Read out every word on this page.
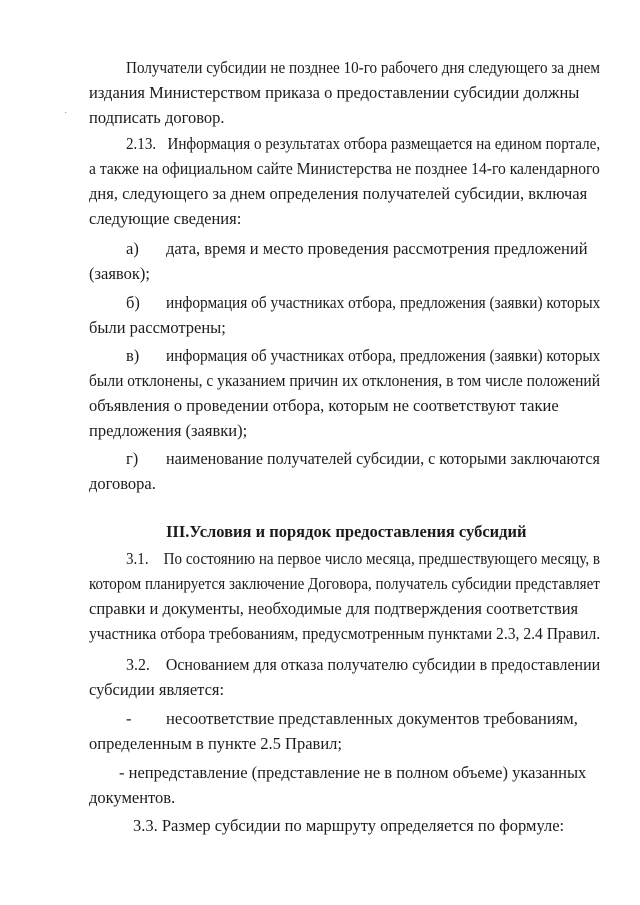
·
Получатели субсидии не позднее 10-го рабочего дня следующего за днем
издания Министерством приказа о предоставлении субсидии должны
подписать договор.
2.13.   Информация о результатах отбора размещается на едином портале,
а также на официальном сайте Министерства не позднее 14-го календарного
дня, следующего за днем определения получателей субсидии, включая
следующие сведения:
а) дата, время и место проведения рассмотрения предложений
(заявок);
б) информация об участниках отбора, предложения (заявки) которых
были рассмотрены;
в) информация об участниках отбора, предложения (заявки) которых
были отклонены, с указанием причин их отклонения, в том числе положений
объявления о проведении отбора, которым не соответствуют такие
предложения (заявки);
г) наименование получателей субсидии, с которыми заключаются
договора.
III.Условия и порядок предоставления субсидий
3.1.    По состоянию на первое число месяца, предшествующего месяцу, в
котором планируется заключение Договора, получатель субсидии представляет
справки и документы, необходимые для подтверждения соответствия
участника отбора требованиям, предусмотренным пунктами 2.3, 2.4 Правил.
3.2.    Основанием для отказа получателю субсидии в предоставлении
субсидии является:
- несоответствие представленных документов требованиям,
определенным в пункте 2.5 Правил;
- непредставление (представление не в полном объеме) указанных
документов.
3.3. Размер субсидии по маршруту определяется по формуле:
